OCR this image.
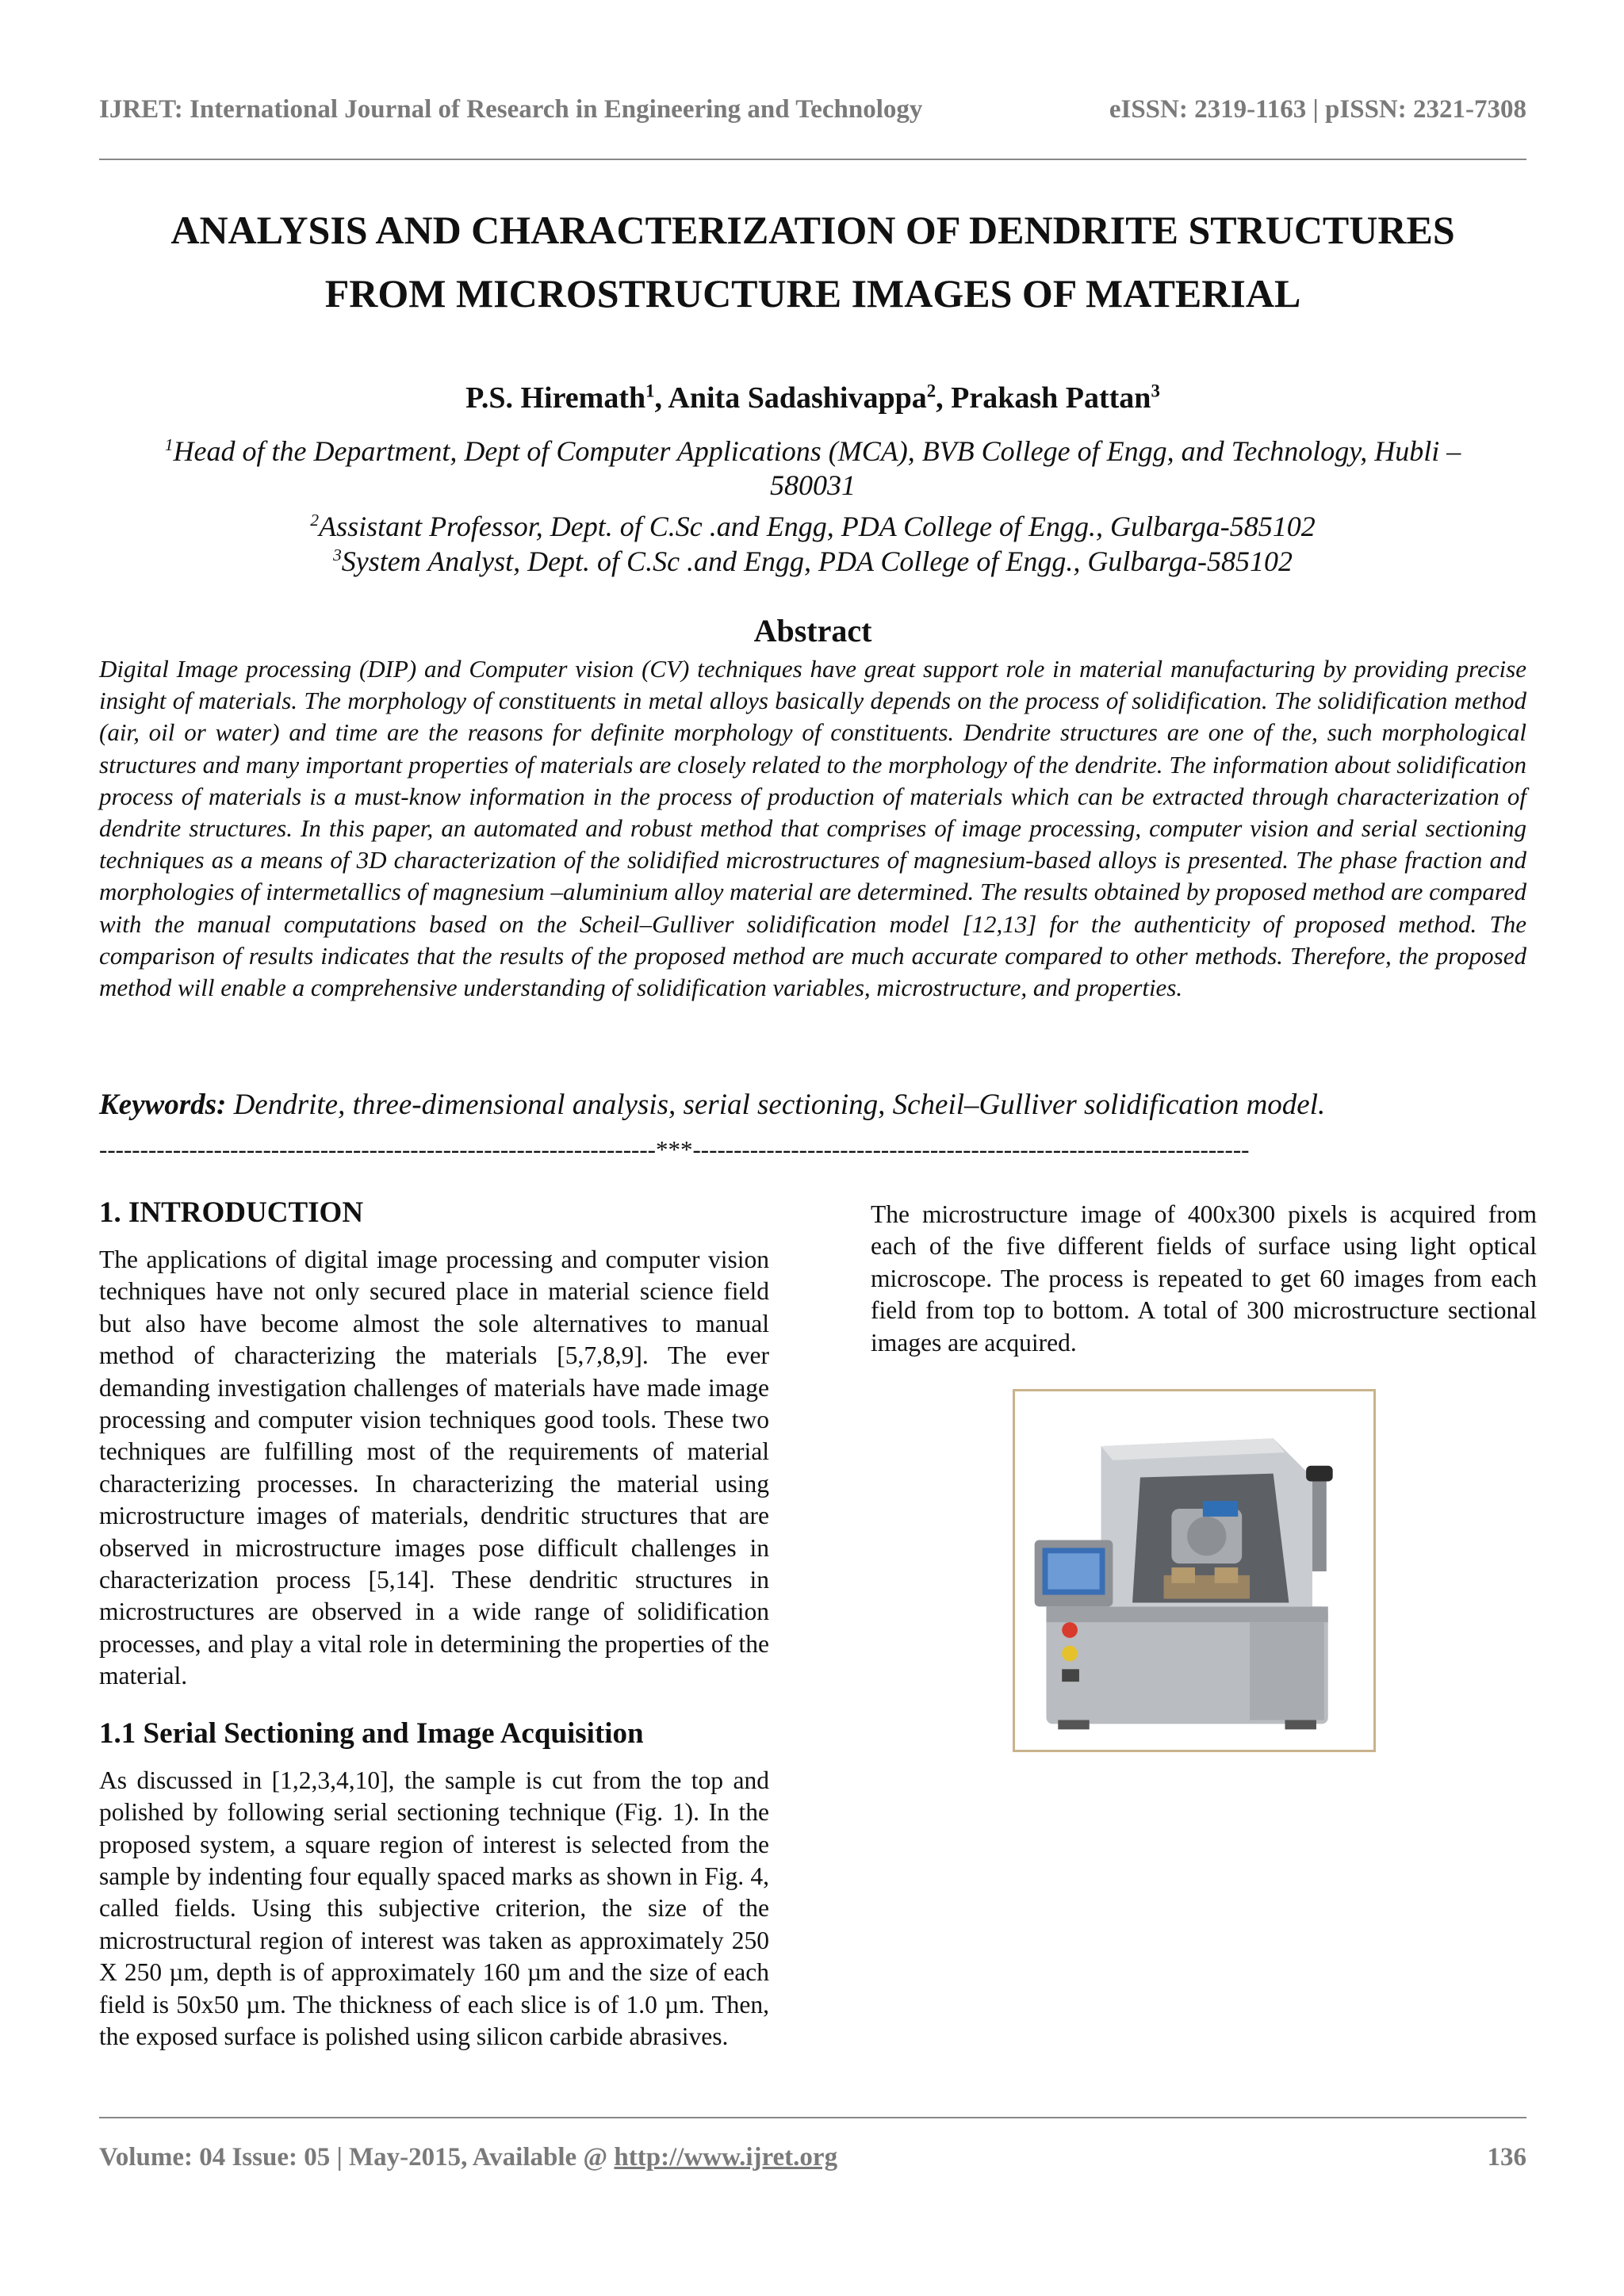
IJRET: International Journal of Research in Engineering and Technology	eISSN: 2319-1163 | pISSN: 2321-7308
ANALYSIS AND CHARACTERIZATION OF DENDRITE STRUCTURES
FROM MICROSTRUCTURE IMAGES OF MATERIAL
P.S. Hiremath$^1$, Anita Sadashivappa$^2$, Prakash Pattan$^3$
$^1$Head of the Department, Dept of Computer Applications (MCA), BVB College of Engg, and Technology, Hubli –
580031
$^2$Assistant Professor, Dept. of C.Sc .and Engg, PDA College of Engg., Gulbarga-585102
$^3$System Analyst, Dept. of C.Sc .and Engg, PDA College of Engg., Gulbarga-585102
Abstract
Digital Image processing (DIP) and Computer vision (CV) techniques have great support role in material manufacturing by providing precise insight of materials. The morphology of constituents in metal alloys basically depends on the process of solidification. The solidification method (air, oil or water) and time are the reasons for definite morphology of constituents. Dendrite structures are one of the, such morphological structures and many important properties of materials are closely related to the morphology of the dendrite. The information about solidification process of materials is a must-know information in the process of production of materials which can be extracted through characterization of dendrite structures. In this paper, an automated and robust method that comprises of image processing, computer vision and serial sectioning techniques as a means of 3D characterization of the solidified microstructures of magnesium-based alloys is presented. The phase fraction and morphologies of intermetallics of magnesium –aluminium alloy material are determined. The results obtained by proposed method are compared with the manual computations based on the Scheil–Gulliver solidification model [12,13] for the authenticity of proposed method. The comparison of results indicates that the results of the proposed method are much accurate compared to other methods. Therefore, the proposed method will enable a comprehensive understanding of solidification variables, microstructure, and properties.
Keywords: Dendrite, three-dimensional analysis, serial sectioning, Scheil–Gulliver solidification model.
--------------------------------------------------------------------***--------------------------------------------------------------------
1. INTRODUCTION
The applications of digital image processing and computer vision techniques have not only secured place in material science field but also have become almost the sole alternatives to manual method of characterizing the materials [5,7,8,9]. The ever demanding investigation challenges of materials have made image processing and computer vision techniques good tools. These two techniques are fulfilling most of the requirements of material characterizing processes. In characterizing the material using microstructure images of materials, dendritic structures that are observed in microstructure images pose difficult challenges in characterization process [5,14]. These dendritic structures in microstructures are observed in a wide range of solidification processes, and play a vital role in determining the properties of the material.
1.1 Serial Sectioning and Image Acquisition
As discussed in [1,2,3,4,10], the sample is cut from the top and polished by following serial sectioning technique (Fig. 1). In the proposed system, a square region of interest is selected from the sample by indenting four equally spaced marks as shown in Fig. 4, called fields. Using this subjective criterion, the size of the microstructural region of interest was taken as approximately 250 X 250 µm, depth is of approximately 160 µm and the size of each field is 50x50 µm. The thickness of each slice is of 1.0 µm. Then, the exposed surface is polished using silicon carbide abrasives.
The microstructure image of 400x300 pixels is acquired from each of the five different fields of surface using light optical microscope. The process is repeated to get 60 images from each field from top to bottom. A total of 300 microstructure sectional images are acquired.
Volume: 04 Issue: 05 | May-2015, Available @ http://www.ijret.org	136
